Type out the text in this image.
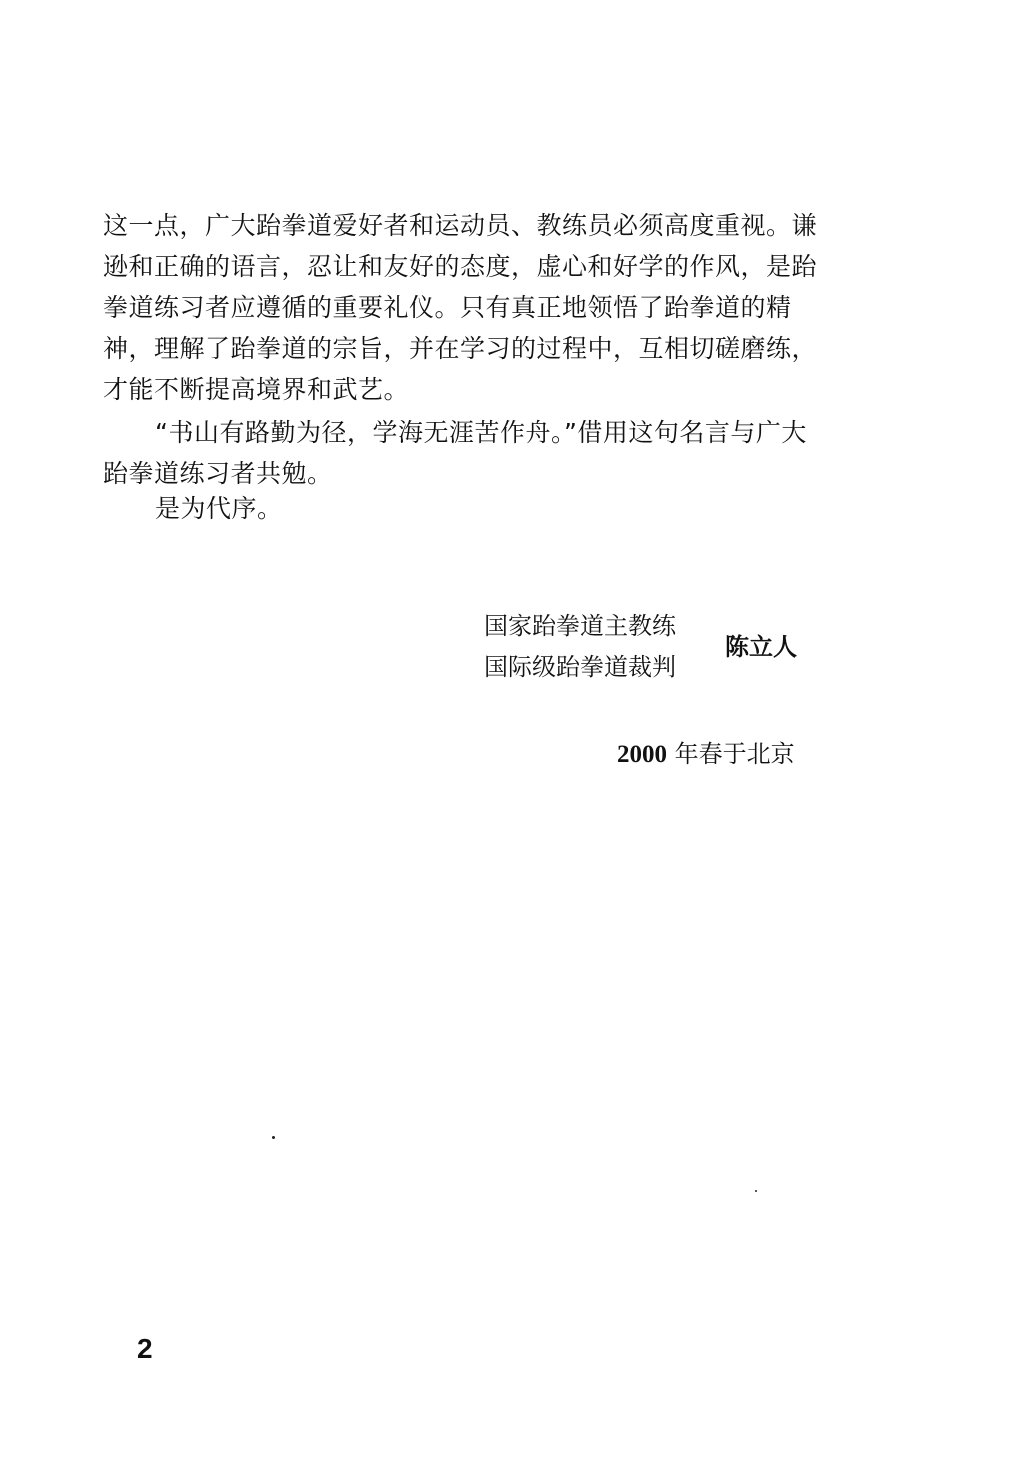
这一点，广大跆拳道爱好者和运动员、教练员必须高度重视。谦
逊和正确的语言，忍让和友好的态度，虚心和好学的作风，是跆
拳道练习者应遵循的重要礼仪。只有真正地领悟了跆拳道的精
神，理解了跆拳道的宗旨，并在学习的过程中，互相切磋磨练，
才能不断提高境界和武艺。
“书山有路勤为径，学海无涯苦作舟。”借用这句名言与广大
跆拳道练习者共勉。
是为代序。
国家跆拳道主教练
国际级跆拳道裁判
陈立人
2000 年春于北京
2
